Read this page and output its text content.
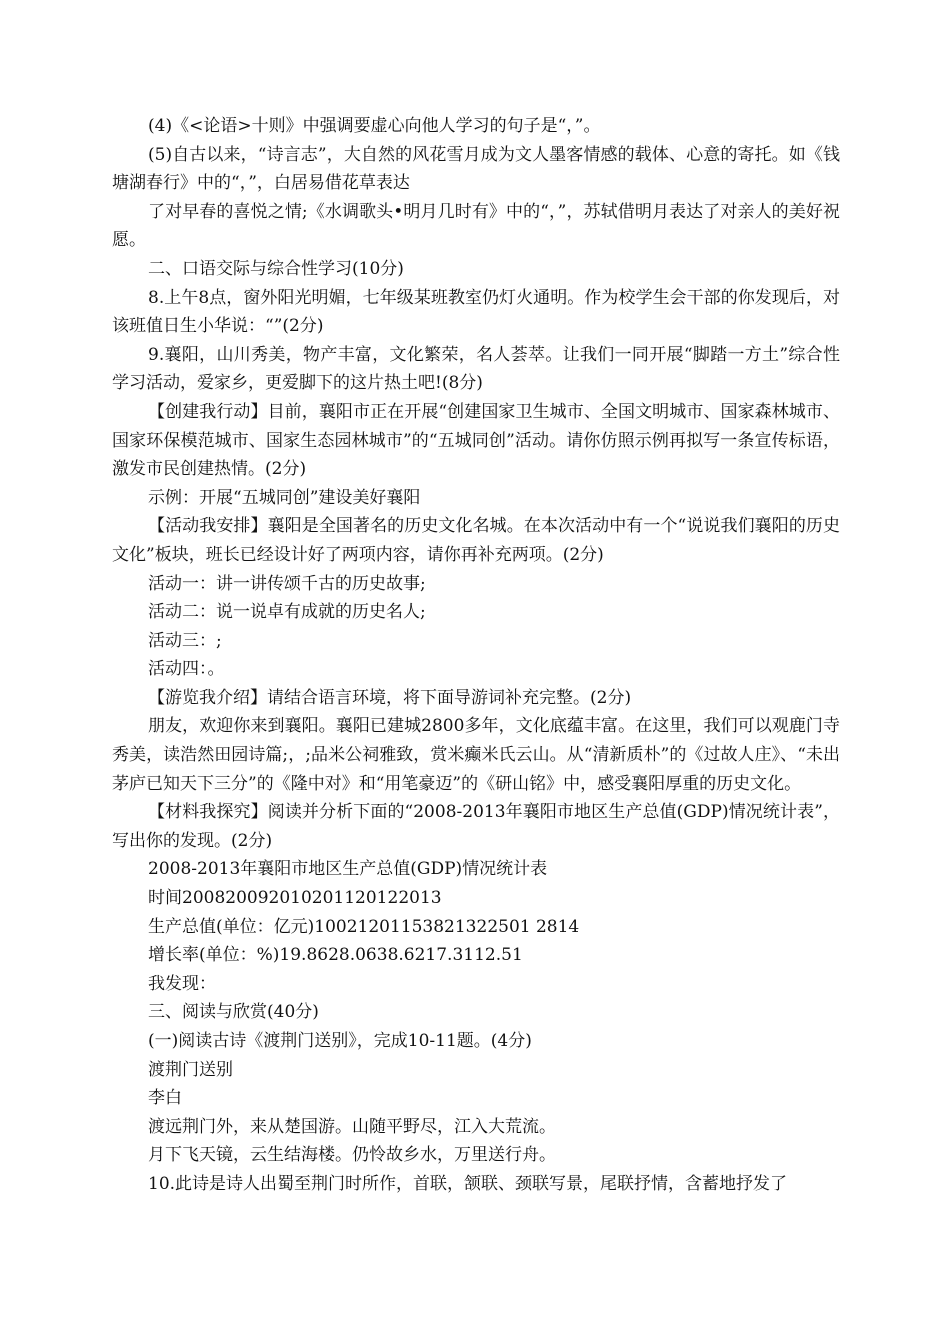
(4)《<论语>十则》中强调要虚心向他人学习的句子是“，”。

(5)自古以来，“诗言志”，大自然的风花雪月成为文人墨客情感的载体、心意的寄托。如《钱塘湖春行》中的“，”，白居易借花草表达

了对早春的喜悦之情;《水调歌头•明月几时有》中的“，”，苏轼借明月表达了对亲人的美好祝愿。

二、口语交际与综合性学习(10分)

8.上午8点，窗外阳光明媚，七年级某班教室仍灯火通明。作为校学生会干部的你发现后，对该班值日生小华说：“”(2分)

9.襄阳，山川秀美，物产丰富，文化繁荣，名人荟萃。让我们一同开展“脚踏一方土”综合性学习活动，爱家乡，更爱脚下的这片热土吧!(8分)

【创建我行动】目前，襄阳市正在开展“创建国家卫生城市、全国文明城市、国家森林城市、国家环保模范城市、国家生态园林城市”的“五城同创”活动。请你仿照示例再拟写一条宣传标语，激发市民创建热情。(2分)

示例：开展“五城同创”建设美好襄阳

【活动我安排】襄阳是全国著名的历史文化名城。在本次活动中有一个“说说我们襄阳的历史文化”板块，班长已经设计好了两项内容，请你再补充两项。(2分)

活动一：讲一讲传颂千古的历史故事;

活动二：说一说卓有成就的历史名人;

活动三：;

活动四：。

【游览我介绍】请结合语言环境，将下面导游词补充完整。(2分)

朋友，欢迎你来到襄阳。襄阳已建城2800多年，文化底蕴丰富。在这里，我们可以观鹿门寺秀美，读浩然田园诗篇;，;品米公祠雅致，赏米癫米氏云山。从“清新质朴”的《过故人庄》、“未出茅庐已知天下三分”的《隆中对》和“用笔豪迈”的《研山铭》中，感受襄阳厚重的历史文化。

【材料我探究】阅读并分析下面的“2008-2013年襄阳市地区生产总值(GDP)情况统计表”，写出你的发现。(2分)

2008-2013年襄阳市地区生产总值(GDP)情况统计表

时间200820092010201120122013

生产总值(单位：亿元)10021201153821322501 2814

增长率(单位：%)19.8628.0638.6217.3112.51

我发现：

三、阅读与欣赏(40分)

(一)阅读古诗《渡荆门送别》，完成10-11题。(4分)

渡荆门送别

李白

渡远荆门外，来从楚国游。山随平野尽，江入大荒流。

月下飞天镜，云生结海楼。仍怜故乡水，万里送行舟。

10.此诗是诗人出蜀至荆门时所作，首联，颔联、颈联写景，尾联抒情，含蓄地抒发了
